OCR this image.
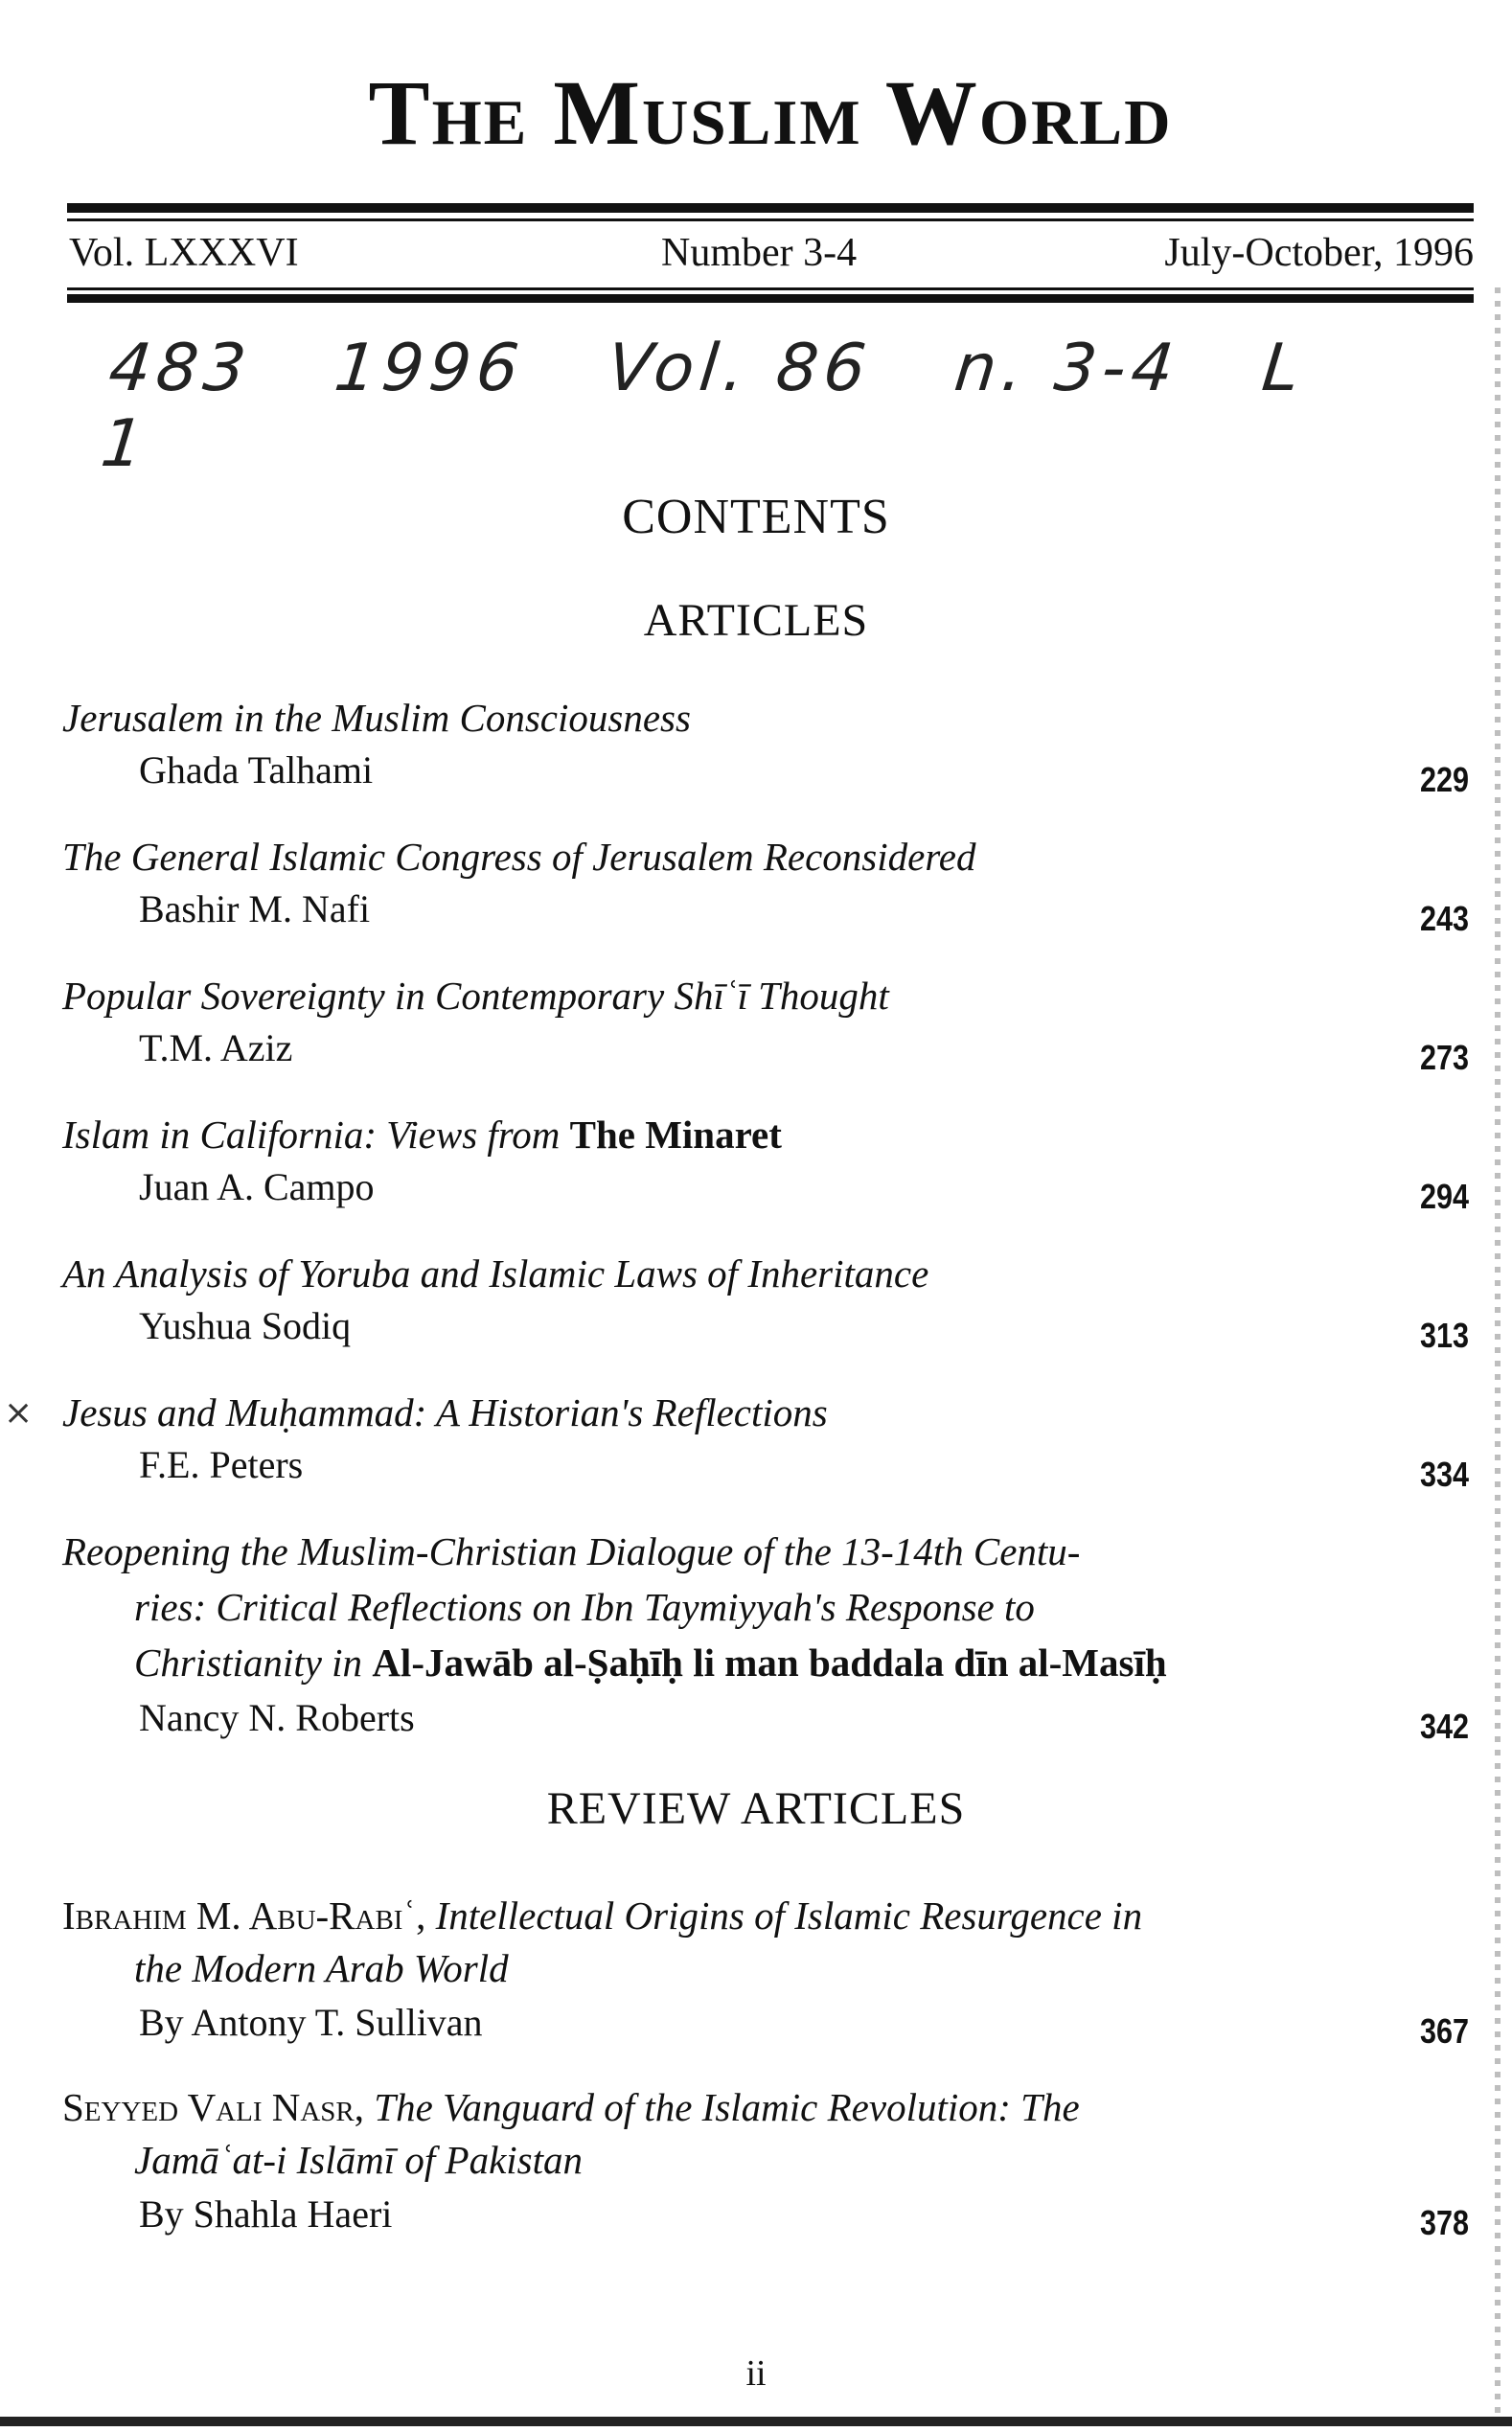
The Muslim World
Vol. LXXXVI	Number 3-4	July-October, 1996
483 1996 Vol. 86 n. 3-4 L 1
CONTENTS
ARTICLES
Jerusalem in the Muslim Consciousness
Ghada Talhami	229
The General Islamic Congress of Jerusalem Reconsidered
Bashir M. Nafi	243
Popular Sovereignty in Contemporary Shīʿī Thought
T.M. Aziz	273
Islam in California: Views from The Minaret
Juan A. Campo	294
An Analysis of Yoruba and Islamic Laws of Inheritance
Yushua Sodiq	313
× Jesus and Muḥammad: A Historian's Reflections
F.E. Peters	334
Reopening the Muslim-Christian Dialogue of the 13-14th Centu-
ries: Critical Reflections on Ibn Taymiyyah's Response to
Christianity in Al-Jawāb al-Ṣaḥīḥ li man baddala dīn al-Masīḥ
Nancy N. Roberts	342
REVIEW ARTICLES
Ibrahim M. Abu-Rabiʿ, Intellectual Origins of Islamic Resurgence in
the Modern Arab World
By Antony T. Sullivan	367
Seyyed Vali Nasr, The Vanguard of the Islamic Revolution: The
Jamāʿat-i Islāmī of Pakistan
By Shahla Haeri	378
ii
